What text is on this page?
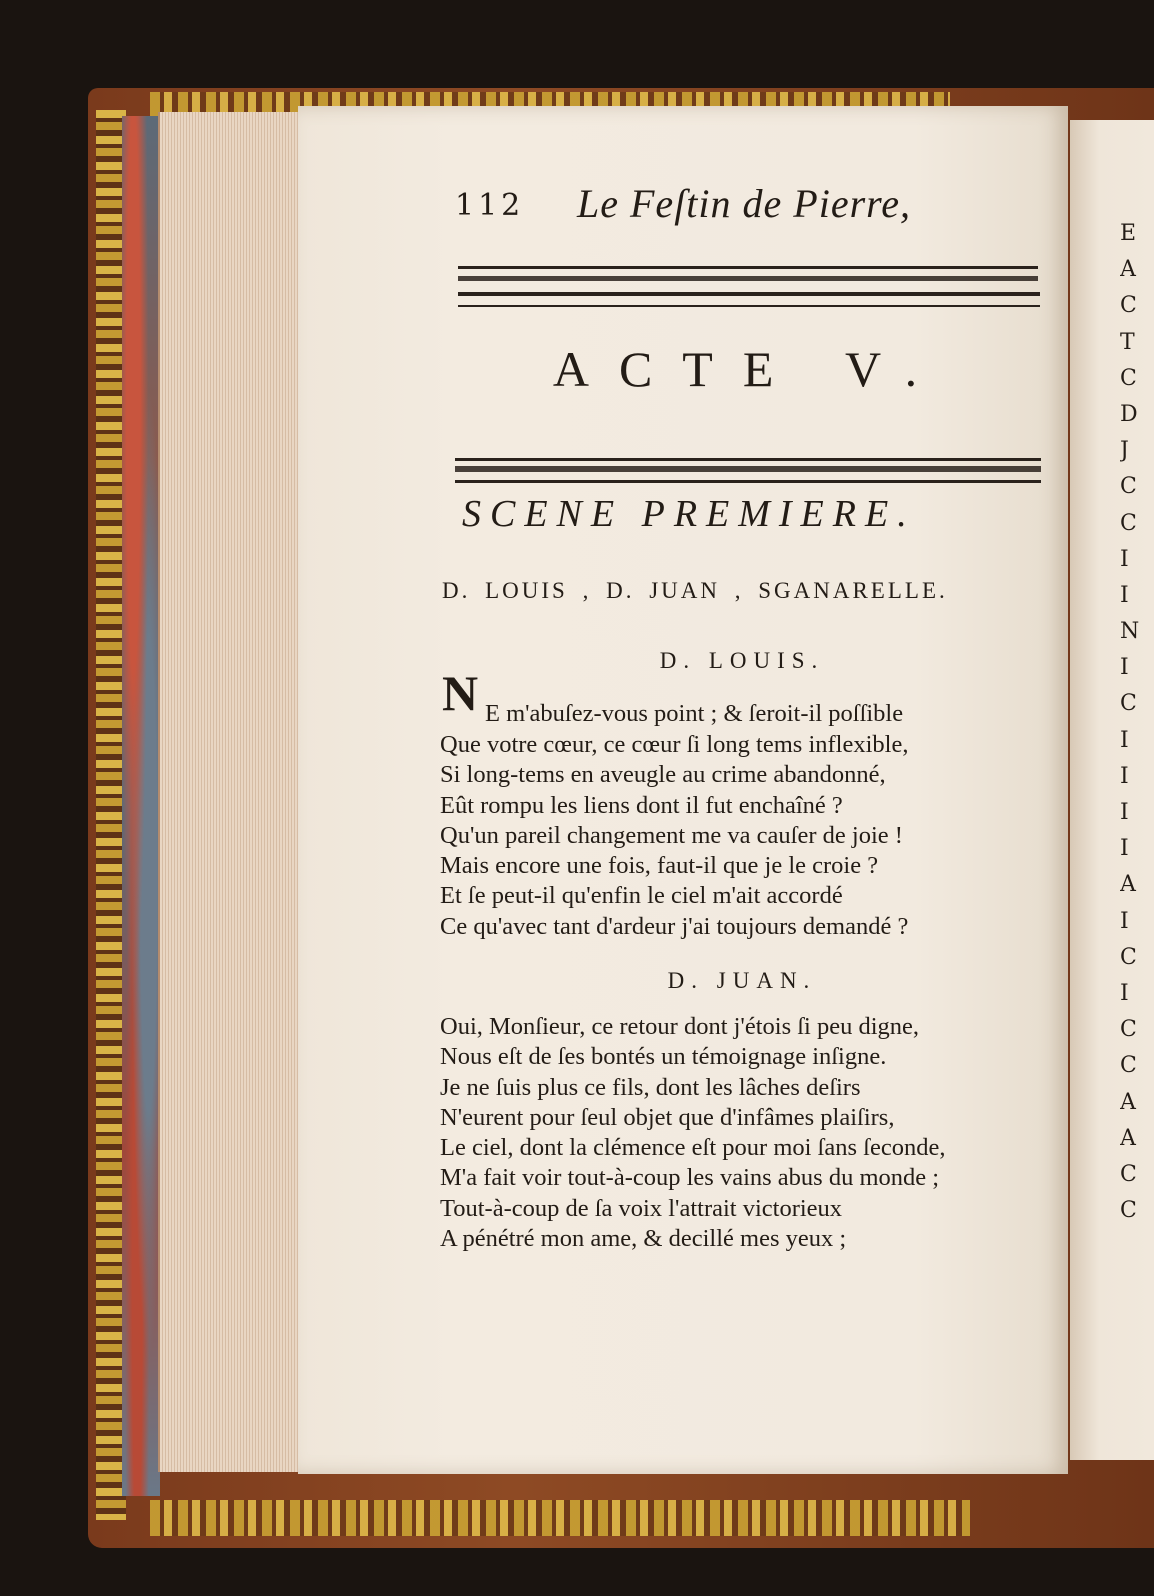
E
A
C
T
C
D
J
C
C
I
I
N
I
C
I
I
I
I
A
I
C
I
C
C
A
A
C
C
112 Le Feſtin de Pierre,
ACTE V.
SCENE PREMIERE.
D. LOUIS , D. JUAN , SGANARELLE.
D. LOUIS.
N E m'abuſez-vous point ; & ſeroit-il poſſible
Que votre cœur, ce cœur ſi long tems inflexible,
Si long-tems en aveugle au crime abandonné,
Eût rompu les liens dont il fut enchaîné ?
Qu'un pareil changement me va cauſer de joie !
Mais encore une fois, faut-il que je le croie ?
Et ſe peut-il qu'enfin le ciel m'ait accordé
Ce qu'avec tant d'ardeur j'ai toujours demandé ?
D. JUAN.
Oui, Monſieur, ce retour dont j'étois ſi peu digne,
Nous eſt de ſes bontés un témoignage inſigne.
Je ne ſuis plus ce fils, dont les lâches deſirs
N'eurent pour ſeul objet que d'infâmes plaiſirs,
Le ciel, dont la clémence eſt pour moi ſans ſeconde,
M'a fait voir tout-à-coup les vains abus du monde ;
Tout-à-coup de ſa voix l'attrait victorieux
A pénétré mon ame, & decillé mes yeux ;
